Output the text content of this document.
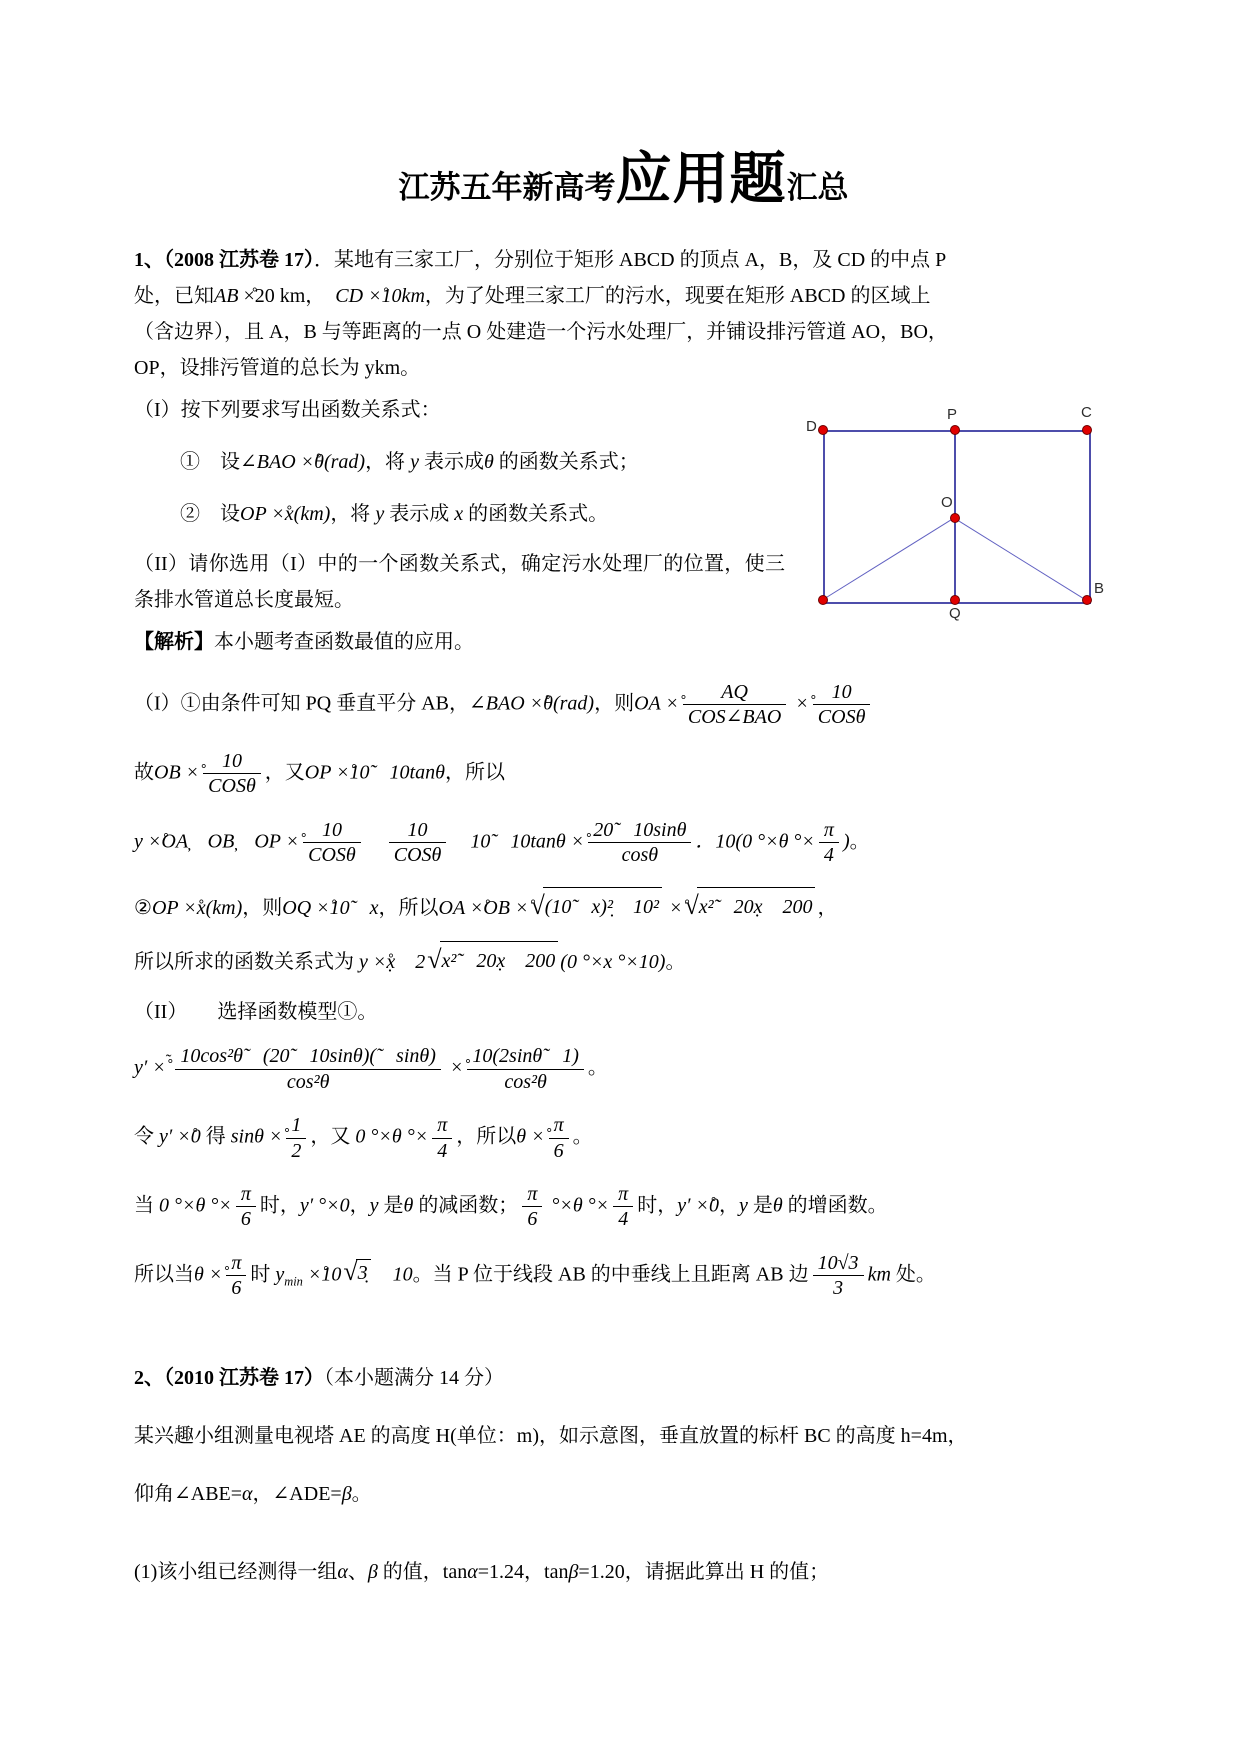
江苏五年新高考应用题汇总

1、（2008 江苏卷 17）．某地有三家工厂，分别位于矩形 ABCD 的顶点 A，B，及 CD 的中点 P
处，已知AB ×̊20 km，　CD ×̊10km，为了处理三家工厂的污水，现要在矩形 ABCD 的区域上
（含边界），且 A，B 与等距离的一点 O 处建造一个污水处理厂，并铺设排污管道 AO，BO，
OP，设排污管道的总长为 ykm。

D
P	C
O
Q
B

（I）按下列要求写出函数关系式：

①　设∠BAO ×̊θ(rad)，将 y 表示成θ 的函数关系式；

②　设OP ×̊x(km)，将 y 表示成 x 的函数关系式。

（II）请你选用（I）中的一个函数关系式，确定污水处理厂的位置，使三条排水管道总长度最短。

【解析】本小题考查函数最值的应用。

（I）①由条件可知 PQ 垂直平分 AB，∠BAO ×̊θ(rad)，则OA ×̊ $\frac{AQ}{\text{COS∠BAO}}$ ×̊ $\frac{10}{\text{COSθ}}$
故OB ×̊ $\frac{10}{\text{COSθ}}$ ，又OP ×̊10̃　10tanθ，所以
y ×̊OA̦　OB̦　OP ×̊ $\frac{10}{\text{COSθ}}$
　 $\frac{10}{\text{COSθ}}$
　 10̃　10tanθ ×̊ $\frac{20̃ 10\sin\theta}{\cos\theta}$ ．10(0 °×θ °× $\frac{\pi}{4}$ )。
②OP ×̊x(km)，则OQ ×̊10̃　x，所以OA ×̊OB ×̊ √ (10̃　x)²̣　10² ×̊ √ x²̃　20x̣　200 ，
所以所求的函数关系式为 y ×̊x̣　2 √ x²̃　20x̣　200 (0 °×x °×10)。
（II）　　选择函数模型①。
y′ ×̊˜ $\frac{\text{10cos²θ̃　(20̃　10sinθ)(̃　sinθ)}}{\text{cos²θ}}$ ×̊ $\frac{10(2\sin\thetã 1)}{\text{cos²θ}}$ 。
令 y′ ×̊0 得 sinθ ×̊ $\frac{1}{2}$ ，又 0 °×θ °× $\frac{\pi}{4}$ ，所以θ ×̊ $\frac{\pi}{6}$ 。
当 0 °×θ °× $\frac{\pi}{6}$ 时，y′ °×0，y 是θ 的减函数； $\frac{\pi}{6} ^\circ\times\theta$ °× $\frac{\pi}{4}$ 时，y′ ×̊0，y 是θ 的增函数。
所以当θ ×̊ $\frac{\pi}{6}$ 时 $y_{min}$ ×̊10 √ 3̣ 　10。当 P 位于线段 AB 的中垂线上且距离 AB 边 $\frac{10√3}{3}$ km 处。

2、（2010 江苏卷 17）（本小题满分 14 分）

某兴趣小组测量电视塔 AE 的高度 H(单位：m)，如示意图，垂直放置的标杆 BC 的高度 h=4m，

仰角∠ABE=α，∠ADE=β。

(1)该小组已经测得一组α、β 的值，tanα=1.24，tanβ=1.20，请据此算出 H 的值；
